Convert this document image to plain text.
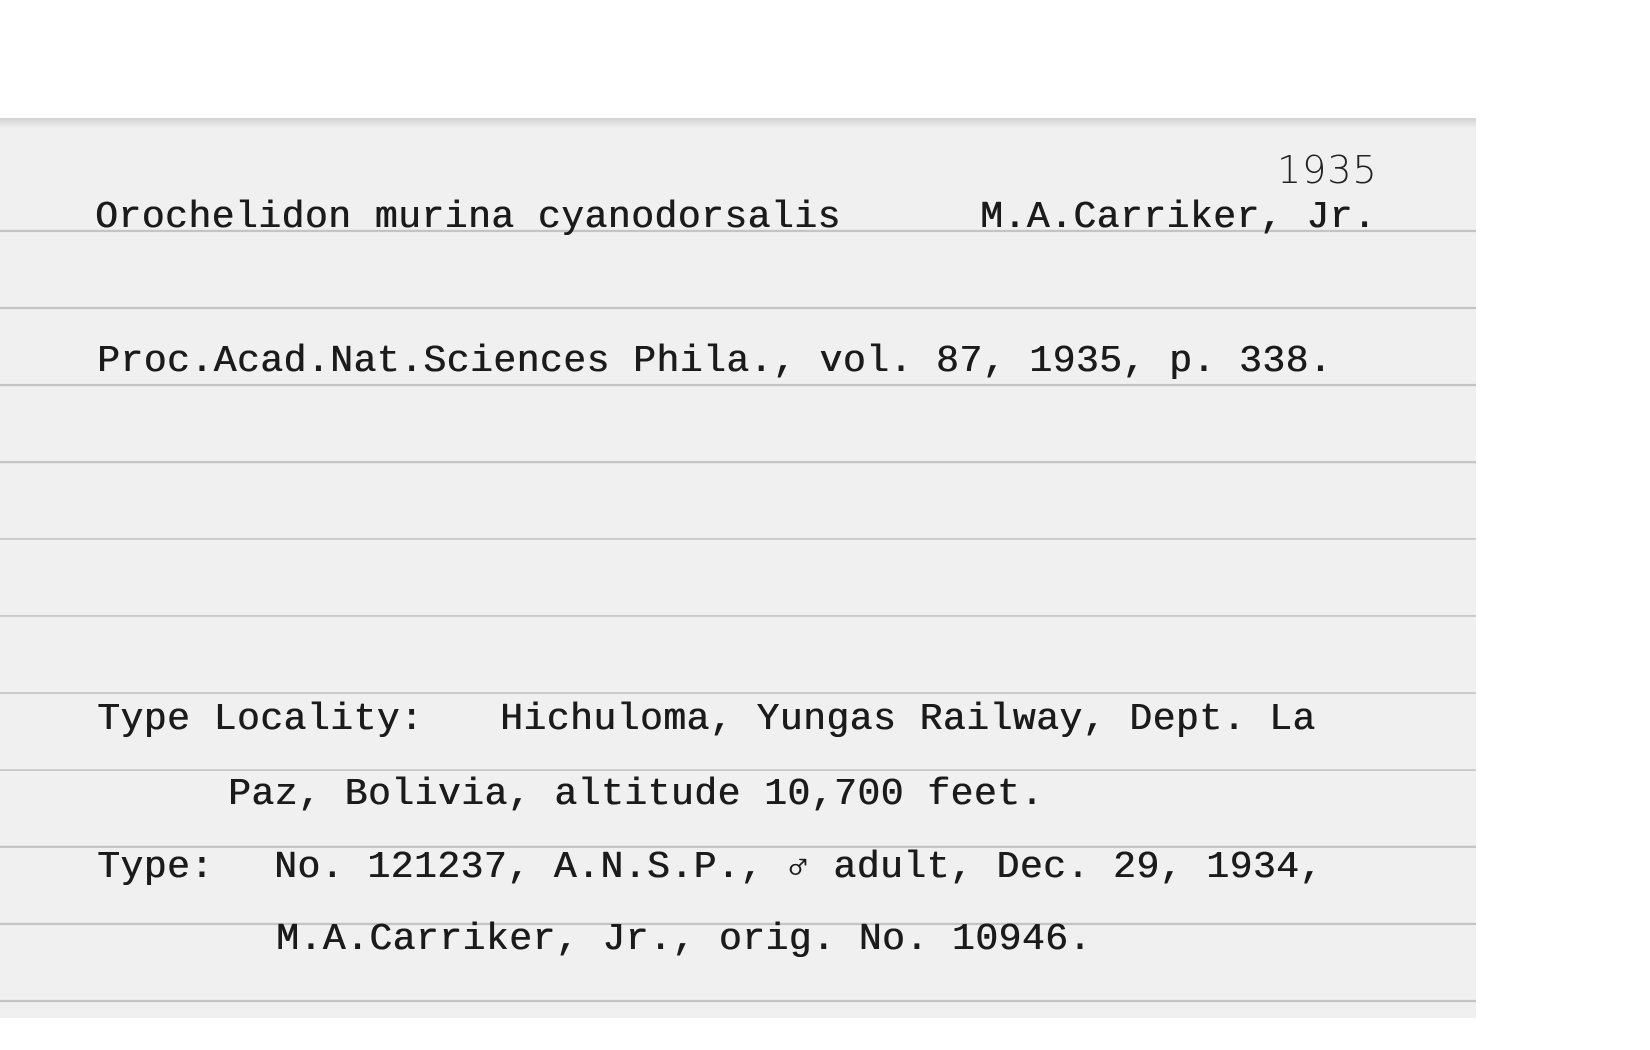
1935
Orochelidon murina cyanodorsalis	M.A.Carriker, Jr.
Proc.Acad.Nat.Sciences Phila., vol. 87, 1935, p. 338.
Type Locality: Hichuloma, Yungas Railway, Dept. La
Paz, Bolivia, altitude 10,700 feet.
Type: No. 121237, A.N.S.P., ♂ adult, Dec. 29, 1934,
M.A.Carriker, Jr., orig. No. 10946.
